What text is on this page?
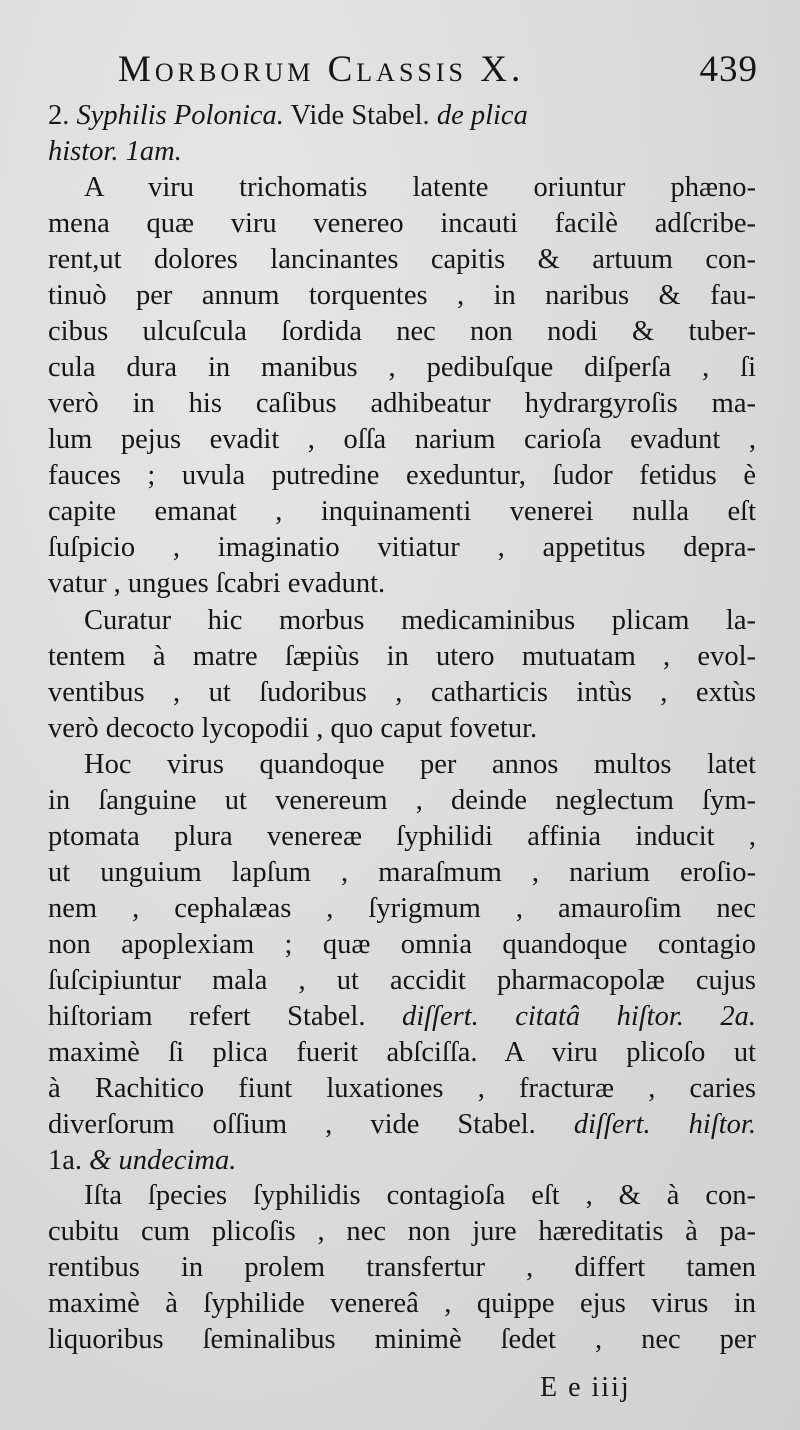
Morborum Classis X.	439
2. Syphilis Polonica. Vide Stabel. de plica
histor. 1am.
A viru trichomatis latente oriuntur phæno-
mena quæ viru venereo incauti facilè adſcribe-
rent,ut dolores lancinantes capitis & artuum con-
tinuò per annum torquentes , in naribus & fau-
cibus ulcuſcula ſordida nec non nodi & tuber-
cula dura in manibus , pedibuſque diſperſa , ſi
verò in his caſibus adhibeatur hydrargyroſis ma-
lum pejus evadit , oſſa narium carioſa evadunt ,
fauces ; uvula putredine exeduntur, ſudor fetidus è
capite emanat , inquinamenti venerei nulla eſt
ſuſpicio , imaginatio vitiatur , appetitus depra-
vatur , ungues ſcabri evadunt.
Curatur hic morbus medicaminibus plicam la-
tentem à matre ſæpiùs in utero mutuatam , evol-
ventibus , ut ſudoribus , catharticis intùs , extùs
verò decocto lycopodii , quo caput fovetur.
Hoc virus quandoque per annos multos latet
in ſanguine ut venereum , deinde neglectum ſym-
ptomata plura venereæ ſyphilidi affinia inducit ,
ut unguium lapſum , maraſmum , narium eroſio-
nem , cephalæas , ſyrigmum , amauroſim nec
non apoplexiam ; quæ omnia quandoque contagio
ſuſcipiuntur mala , ut accidit pharmacopolæ cujus
hiſtoriam refert Stabel. diſſert. citatâ hiſtor. 2a.
maximè ſi plica fuerit abſciſſa. A viru plicoſo ut
à Rachitico fiunt luxationes , fracturæ , caries
diverſorum oſſium , vide Stabel. diſſert. hiſtor.
1a. & undecima.
Iſta ſpecies ſyphilidis contagioſa eſt , & à con-
cubitu cum plicoſis , nec non jure hæreditatis à pa-
rentibus in prolem transfertur , differt tamen
maximè à ſyphilide venereâ , quippe ejus virus in
liquoribus ſeminalibus minimè ſedet , nec per
E e iiij
